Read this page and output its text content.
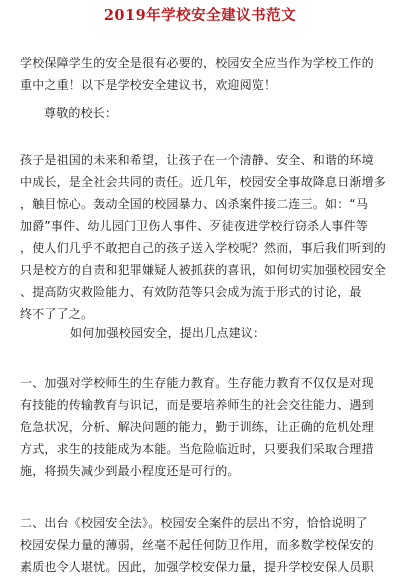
2019年学校安全建议书范文
学校保障学生的安全是很有必要的，校园安全应当作为学校工作的
重中之重！以下是学校安全建议书，欢迎阅览！
尊敬的校长：
孩子是祖国的未来和希望，让孩子在一个清静、安全、和谐的环境
中成长，是全社会共同的责任。近几年，校园安全事故降息日渐增多
，触目惊心。轰动全国的校园暴力、凶杀案件接二连三。如：“马
加爵”事件、幼儿园门卫伤人事件、歹徒夜进学校行窃杀人事件等
，使人们几乎不敢把自己的孩子送入学校呢？然而，事后我们听到的
只是校方的自责和犯罪嫌疑人被抓获的喜讯，如何切实加强校园安全
、提高防灾救险能力、有效防范等只会成为流于形式的讨论，最
终不了了之。
如何加强校园安全，提出几点建议：
一、加强对学校师生的生存能力教育。生存能力教育不仅仅是对现
有技能的传输教育与识记，而是要培养师生的社会交往能力、遇到
危急状况，分析、解决问题的能力，勤于训练，让正确的危机处理
方式，求生的技能成为本能。当危险临近时，只要我们采取合理措
施，将损失减少到最小程度还是可行的。
二、出台《校园安全法》。校园安全案件的层出不穷，恰恰说明了
校园安保力量的薄弱，丝毫不起任何防卫作用，而多数学校保安的
素质也令人堪忧。因此，加强学校安保力量，提升学校安保人员职
